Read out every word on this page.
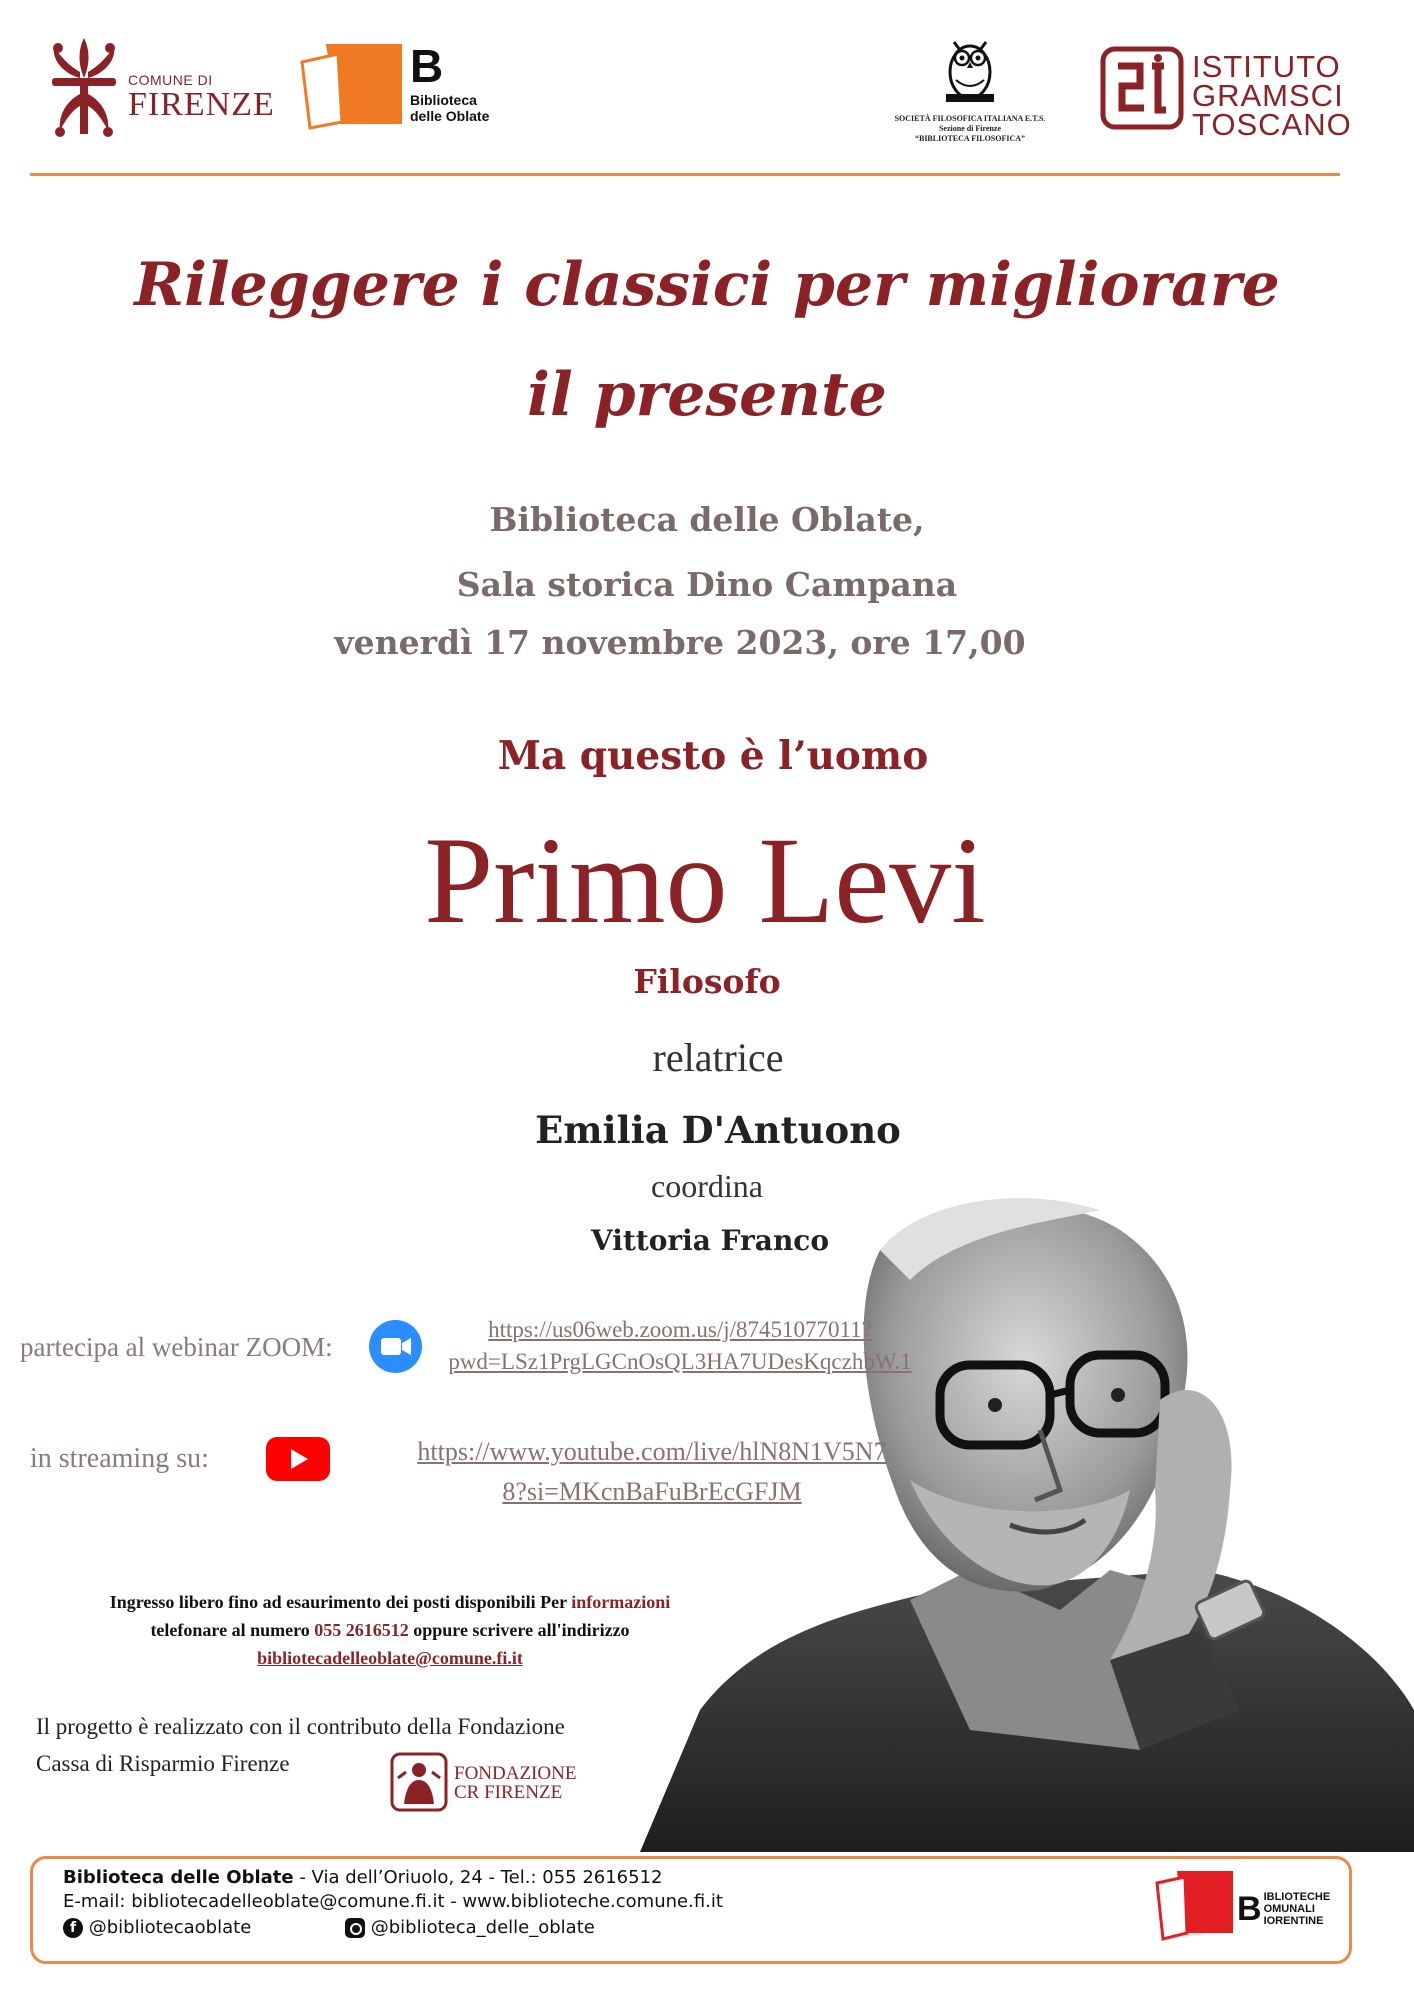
COMUNE DI
FIRENZE
B
Biblioteca
delle Oblate	SOCIETÀ FILOSOFICA ITALIANA E.T.S.
Sezione di Firenze
“BIBLIOTECA FILOSOFICA”
ISTITUTO
GRAMSCI
TOSCANO
Rileggere i classici per migliorare
il presente
Biblioteca delle Oblate,
Sala storica Dino Campana
venerdì 17 novembre 2023, ore 17,00
Ma questo è l’uomo
Primo Levi
Filosofo
relatrice
Emilia D'Antuono
coordina
Vittoria Franco
partecipa al webinar ZOOM:
https://us06web.zoom.us/j/87451077011?
pwd=LSz1PrgLGCnOsQL3HA7UDesKqczhbW.1
in streaming su:	https://www.youtube.com/live/hlN8N1V5N7
8?si=MKcnBaFuBrEcGFJM
Ingresso libero fino ad esaurimento dei posti disponibili Per informazioni
telefonare al numero 055 2616512 oppure scrivere all'indirizzo
bibliotecadelleoblate@comune.fi.it
Il progetto è realizzato con il contributo della Fondazione
Cassa di Risparmio Firenze	FONDAZIONE
CR FIRENZE
Biblioteca delle Oblate - Via dell’Oriuolo, 24 - Tel.: 055 2616512
E-mail: bibliotecadelleoblate@comune.fi.it - www.biblioteche.comune.fi.it
f @bibliotecaoblate	@biblioteca_delle_oblate	B IBLIOTECHE
OMUNALI
IORENTINE
